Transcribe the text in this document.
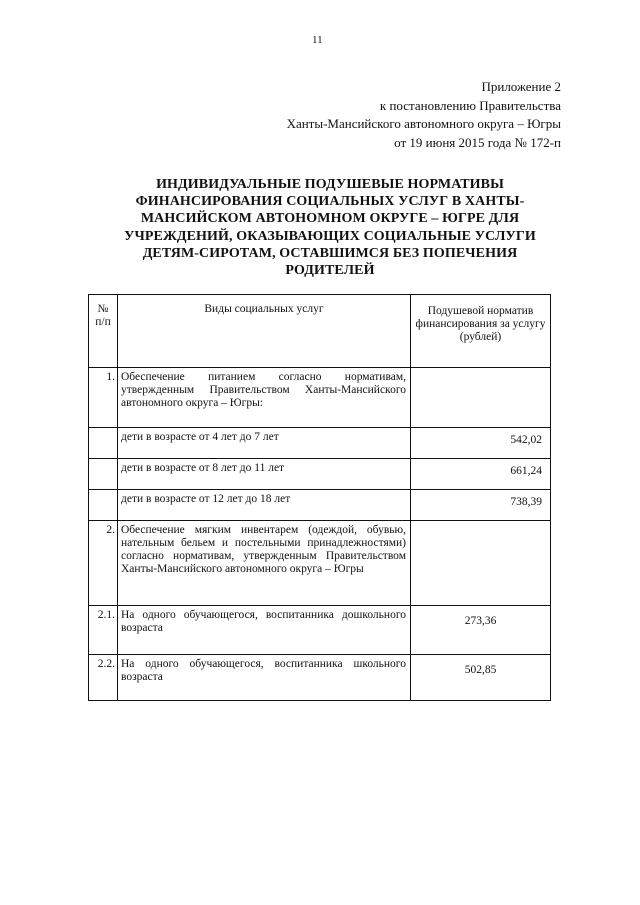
11
Приложение 2
к постановлению Правительства
Ханты-Мансийского автономного округа – Югры
от 19 июня 2015 года № 172-п
ИНДИВИДУАЛЬНЫЕ ПОДУШЕВЫЕ НОРМАТИВЫ
ФИНАНСИРОВАНИЯ СОЦИАЛЬНЫХ УСЛУГ В ХАНТЫ-
МАНСИЙСКОМ АВТОНОМНОМ ОКРУГЕ – ЮГРЕ ДЛЯ
УЧРЕЖДЕНИЙ, ОКАЗЫВАЮЩИХ СОЦИАЛЬНЫЕ УСЛУГИ
ДЕТЯМ-СИРОТАМ, ОСТАВШИМСЯ БЕЗ ПОПЕЧЕНИЯ
РОДИТЕЛЕЙ
№
п/п	Виды социальных услуг	Подушевой норматив финансирования за услугу (рублей)
1.	Обеспечение питанием согласно нормативам, утвержденным Правительством Ханты-Мансийского автономного округа – Югры:	
	дети в возрасте от 4 лет до 7 лет	542,02
	дети в возрасте от 8 лет до 11 лет	661,24
	дети в возрасте от 12 лет до 18 лет	738,39
2.	Обеспечение мягким инвентарем (одеждой, обувью, нательным бельем и постельными принадлежностями) согласно нормативам, утвержденным Правительством Ханты-Мансийского автономного округа – Югры	
2.1.	На одного обучающегося, воспитанника дошкольного возраста	273,36
2.2.	На одного обучающегося, воспитанника школьного возраста	502,85
